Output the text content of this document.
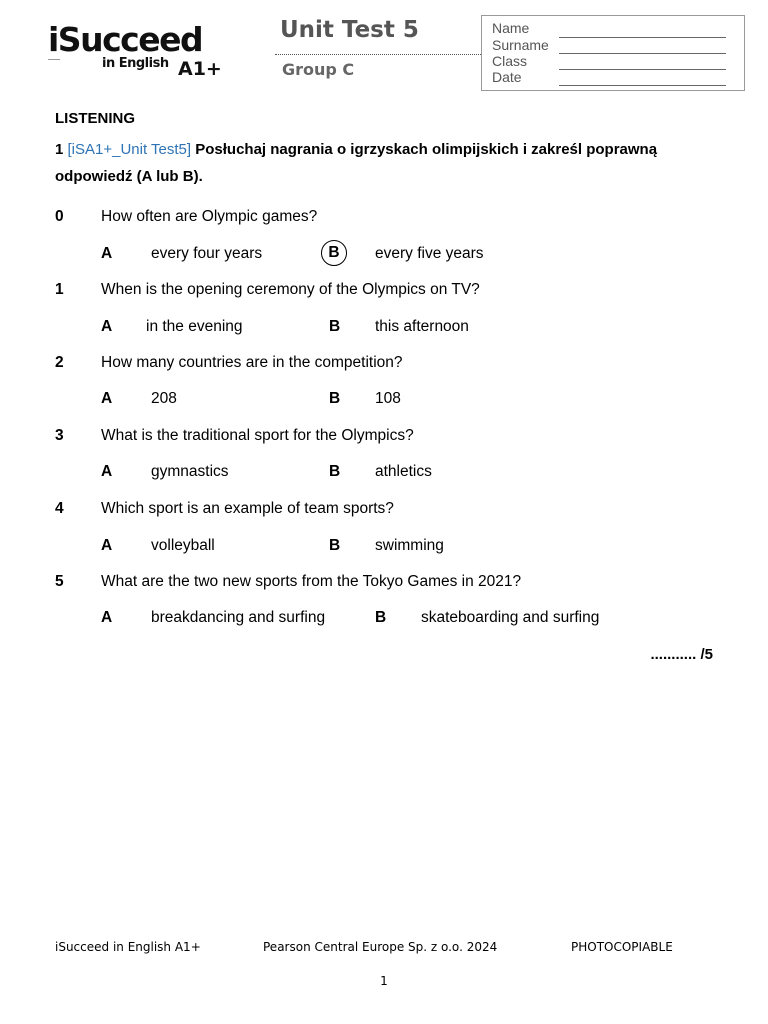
iSucceed
in English A1+
Unit Test 5
Group C
Name
Surname
Class
Date
LISTENING
1 [iSA1+_Unit Test5] Posłuchaj nagrania o igrzyskach olimpijskich i zakreśl poprawną odpowiedź (A lub B).
0 How often are Olympic games?
A	every four years	B	every five years
1 When is the opening ceremony of the Olympics on TV?
A in the evening	B this afternoon
2 How many countries are in the competition?
A	208	B 108
3 What is the traditional sport for the Olympics?
A	gymnastics	B athletics
4 Which sport is an example of team sports?
A	volleyball	B swimming
5 What are the two new sports from the Tokyo Games in 2021?
A	breakdancing and surfing	B skateboarding and surfing
........... /5
iSucceed in English A1+	Pearson Central Europe Sp. z o.o. 2024	PHOTOCOPIABLE
1
